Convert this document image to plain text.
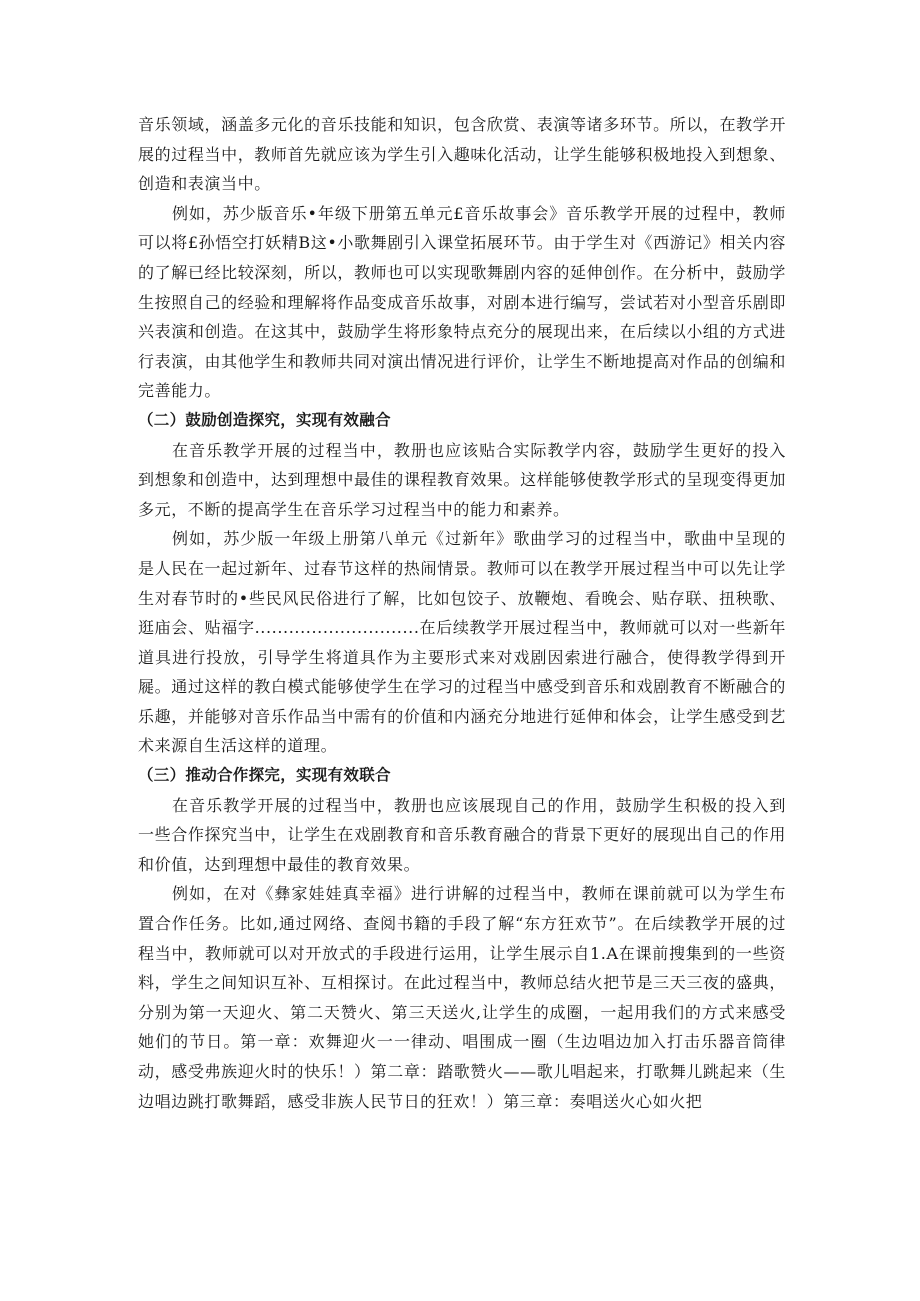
音乐领域，涵盖多元化的音乐技能和知识，包含欣赏、表演等诸多环节。所以，在教学开展的过程当中，教师首先就应该为学生引入趣味化活动，让学生能够积极地投入到想象、创造和表演当中。

例如，苏少版音乐•年级下册第五单元£音乐故事会》音乐教学开展的过程中，教师可以将£孙悟空打妖精B这•小歌舞剧引入课堂拓展环节。由于学生对《西游记》相关内容的了解已经比较深刻，所以，教师也可以实现歌舞剧内容的延伸创作。在分析中，鼓励学生按照自己的经验和理解将作品变成音乐故事，对剧本进行编写，尝试若对小型音乐剧即兴表演和创造。在这其中，鼓励学生将形象特点充分的展现出来，在后续以小组的方式进行表演，由其他学生和教师共同对演出情况进行评价，让学生不断地提高对作品的创编和完善能力。

（二）鼓励创造探究，实现有效融合

在音乐教学开展的过程当中，教册也应该贴合实际教学内容，鼓励学生更好的投入到想象和创造中，达到理想中最佳的课程教育效果。这样能够使教学形式的呈现变得更加多元，不断的提高学生在音乐学习过程当中的能力和素养。

例如，苏少版一年级上册第八单元《过新年》歌曲学习的过程当中，歌曲中呈现的是人民在一起过新年、过春节这样的热闹情景。教师可以在教学开展过程当中可以先让学生对春节时的•些民风民俗进行了解，比如包饺子、放鞭炮、看晚会、贴存联、扭秧歌、逛庙会、贴福字.............................在后续教学开展过程当中，教师就可以对一些新年道具进行投放，引导学生将道具作为主要形式来对戏剧因索进行融合，使得教学得到开屣。通过这样的教白模式能够使学生在学习的过程当中感受到音乐和戏剧教育不断融合的乐趣，并能够对音乐作品当中需有的价值和内涵充分地进行延伸和体会，让学生感受到艺术来源自生活这样的道理。

（三）推动合作探完，实现有效联合

在音乐教学开展的过程当中，教册也应该展现自己的作用，鼓励学生积极的投入到一些合作探究当中，让学生在戏剧教育和音乐教育融合的背景下更好的展现出自己的作用和价值，达到理想中最佳的教育效果。

例如，在对《彝家娃娃真幸福》进行讲解的过程当中，教师在课前就可以为学生布置合作任务。比如,通过网络、查阅书籍的手段了解“东方狂欢节”。在后续教学开展的过程当中，教师就可以对开放式的手段进行运用，让学生展示自1.A在课前搜集到的一些资料，学生之间知识互补、互相探讨。在此过程当中，教师总结火把节是三天三夜的盛典，分别为第一天迎火、第二天赞火、第三天送火,让学生的成圈，一起用我们的方式来感受她们的节日。第一章：欢舞迎火一一律动、唱围成一圈（生边唱边加入打击乐器音筒律动，感受弗族迎火时的快乐！）第二章：踏歌赞火——歌儿唱起来，打歌舞儿跳起来（生边唱边跳打歌舞蹈，感受非族人民节日的狂欢！）第三章：奏唱送火心如火把
